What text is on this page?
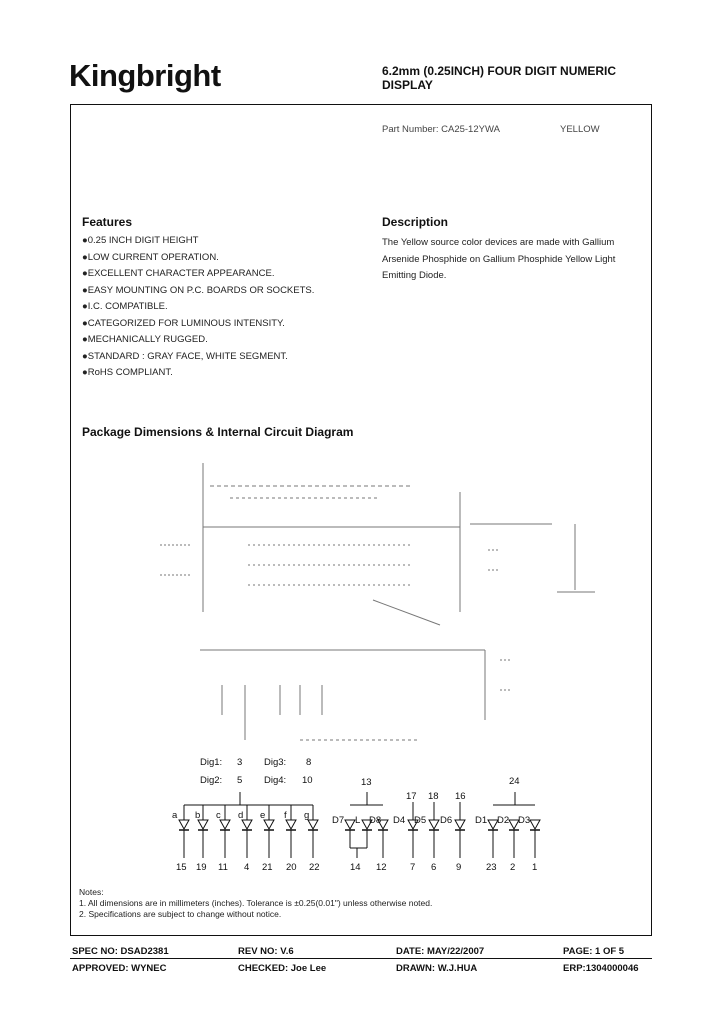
Kingbright	6.2mm (0.25INCH) FOUR DIGIT NUMERIC
DISPLAY
Part Number: CA25-12YWA	YELLOW
Features
●0.25 INCH DIGIT HEIGHT
●LOW CURRENT OPERATION.
●EXCELLENT CHARACTER APPEARANCE.
●EASY MOUNTING ON P.C. BOARDS OR SOCKETS.
●I.C. COMPATIBLE.
●CATEGORIZED FOR LUMINOUS INTENSITY.
●MECHANICALLY RUGGED.
●STANDARD : GRAY FACE, WHITE SEGMENT.
●RoHS COMPLIANT.
Description
The Yellow source color devices are made with Gallium
Arsenide Phosphide on Gallium Phosphide Yellow Light
Emitting Diode.
Package Dimensions & Internal Circuit Diagram
Dig1: 3 Dig3: 8
Dig2: 5 Dig4: 10	13	24
17 18 16
a b c d e f g D7 L D8 D4 D5 D6 D1 D2 D3
15 19 11 4 21 20 22	14 12 7 6 9	23 2 1
Notes:
1. All dimensions are in millimeters (inches). Tolerance is ±0.25(0.01") unless otherwise noted.
2. Specifications are subject to change without notice.
SPEC NO: DSAD2381	REV NO: V.6	DATE: MAY/22/2007	PAGE: 1 OF 5
APPROVED: WYNEC	CHECKED: Joe Lee	DRAWN: W.J.HUA	ERP:1304000046
